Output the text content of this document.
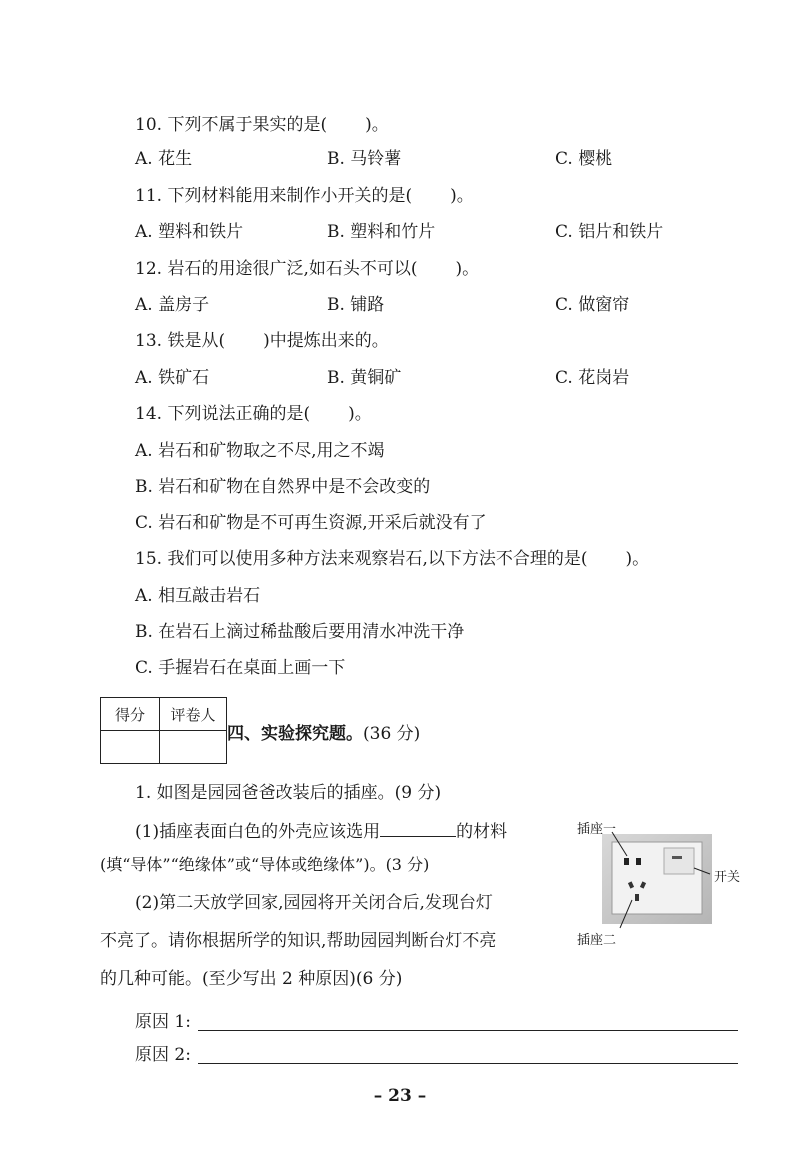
10. 下列不属于果实的是( )。
A. 花生	B. 马铃薯	C. 樱桃
11. 下列材料能用来制作小开关的是( )。
A. 塑料和铁片	B. 塑料和竹片	C. 铝片和铁片
12. 岩石的用途很广泛,如石头不可以( )。
A. 盖房子	B. 铺路	C. 做窗帘
13. 铁是从( )中提炼出来的。
A. 铁矿石	B. 黄铜矿	C. 花岗岩
14. 下列说法正确的是( )。
A. 岩石和矿物取之不尽,用之不竭
B. 岩石和矿物在自然界中是不会改变的
C. 岩石和矿物是不可再生资源,开采后就没有了
15. 我们可以使用多种方法来观察岩石,以下方法不合理的是( )。
A. 相互敲击岩石
B. 在岩石上滴过稀盐酸后要用清水冲洗干净
C. 手握岩石在桌面上画一下
得分	评卷人

四、实验探究题。(36 分)
1. 如图是园园爸爸改装后的插座。(9 分)
(1)插座表面白色的外壳应该选用	的材料
(填“导体”“绝缘体”或“导体或绝缘体”)。(3 分)
(2)第二天放学回家,园园将开关闭合后,发现台灯
不亮了。请你根据所学的知识,帮助园园判断台灯不亮
的几种可能。(至少写出 2 种原因)(6 分)
原因 1:
原因 2:
插座一
开关
插座二
– 23 –
